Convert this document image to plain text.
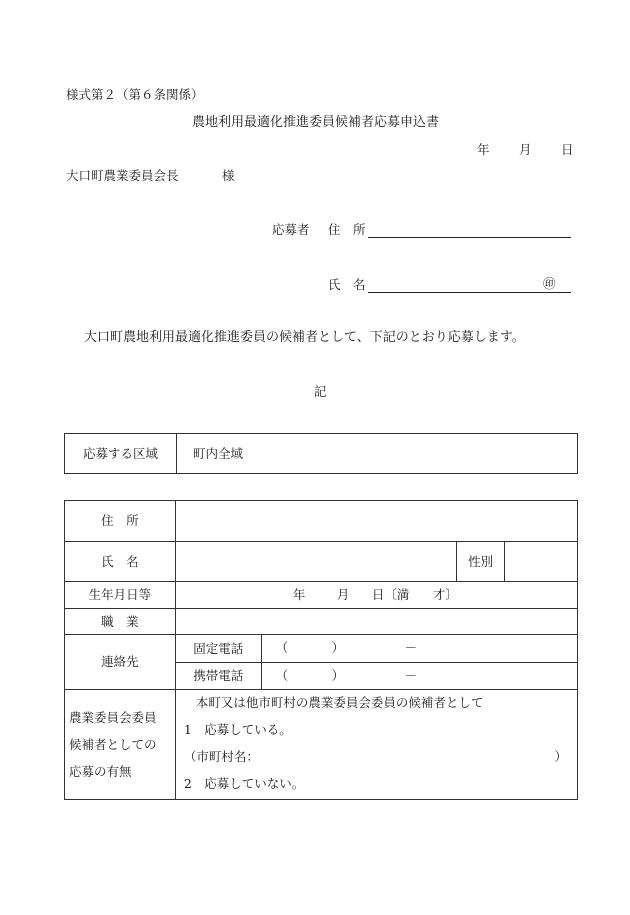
様式第２（第６条関係）
農地利用最適化推進委員候補者応募申込書
年 月 日
大口町農業委員会長	様
応募者 住　所
氏　名	㊞
大口町農地利用最適化推進委員の候補者として、下記のとおり応募します。
記
応募する区域	町内全域
住　所				
氏　名			性別	
生年月日等	年 月 日〔満 才〕			

職　業				
連絡先	固定電話	（ ） －		

	携帯電話	（ ） －		

農業委員会委員
候補者としての
応募の有無	本町又は他市町村の農業委員会委員の候補者として
1　応募している。
（市町村名： ）
2　応募していない。			
